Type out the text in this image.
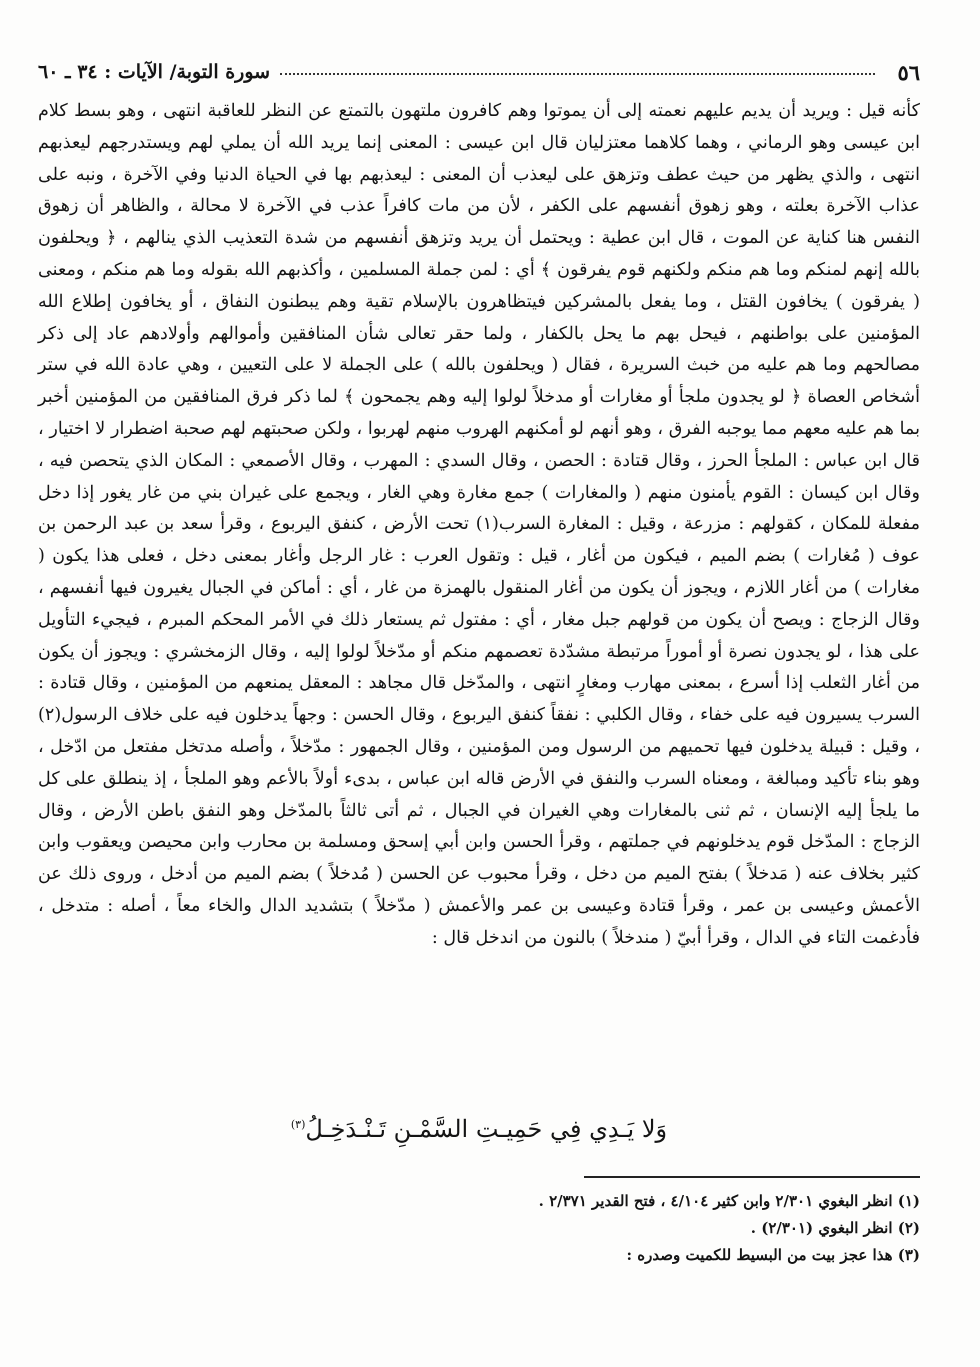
٥٦
سورة التوبة/ الآيات : ٣٤ ـ ٦٠

كأنه قيل : ويريد أن يديم عليهم نعمته إلى أن يموتوا وهم كافرون ملتهون بالتمتع عن النظر للعاقبة انتهى ، وهو بسط كلام ابن عيسى وهو الرماني ، وهما كلاهما معتزليان قال ابن عيسى : المعنى إنما يريد الله أن يملي لهم ويستدرجهم ليعذبهم انتهى ، والذي يظهر من حيث عطف وتزهق على ليعذب أن المعنى : ليعذبهم بها في الحياة الدنيا وفي الآخرة ، ونبه على عذاب الآخرة بعلته ، وهو زهوق أنفسهم على الكفر ، لأن من مات كافراً عذب في الآخرة لا محالة ، والظاهر أن زهوق النفس هنا كناية عن الموت ، قال ابن عطية : ويحتمل أن يريد وتزهق أنفسهم من شدة التعذيب الذي ينالهم ، ﴿ ويحلفون بالله إنهم لمنكم وما هم منكم ولكنهم قوم يفرقون ﴾ أي : لمن جملة المسلمين ، وأكذبهم الله بقوله وما هم منكم ، ومعنى ( يفرقون ) يخافون القتل ، وما يفعل بالمشركين فيتظاهرون بالإسلام تقية وهم يبطنون النفاق ، أو يخافون إطلاع الله المؤمنين على بواطنهم ، فيحل بهم ما يحل بالكفار ، ولما حقر تعالى شأن المنافقين وأموالهم وأولادهم عاد إلى ذكر مصالحهم وما هم عليه من خبث السريرة ، فقال ( ويحلفون بالله ) على الجملة لا على التعيين ، وهي عادة الله في ستر أشخاص العصاة ﴿ لو يجدون ملجأ أو مغارات أو مدخلاً لولوا إليه وهم يجمحون ﴾ لما ذكر فرق المنافقين من المؤمنين أخبر بما هم عليه معهم مما يوجبه الفرق ، وهو أنهم لو أمكنهم الهروب منهم لهربوا ، ولكن صحبتهم لهم صحبة اضطرار لا اختيار ، قال ابن عباس : الملجأ الحرز ، وقال قتادة : الحصن ، وقال السدي : المهرب ، وقال الأصمعي : المكان الذي يتحصن فيه ، وقال ابن كيسان : القوم يأمنون منهم ( والمغارات ) جمع مغارة وهي الغار ، ويجمع على غيران بني من غار يغور إذا دخل مفعلة للمكان ، كقولهم : مزرعة ، وقيل : المغارة السرب(١) تحت الأرض ، كنفق اليربوع ، وقرأ سعد بن عبد الرحمن بن عوف ( مُغارات ) بضم الميم ، فيكون من أغار ، قيل : وتقول العرب : غار الرجل وأغار بمعنى دخل ، فعلى هذا يكون ( مغارات ) من أغار اللازم ، ويجوز أن يكون من أغار المنقول بالهمزة من غار ، أي : أماكن في الجبال يغيرون فيها أنفسهم ، وقال الزجاج : ويصح أن يكون من قولهم جبل مغار ، أي : مفتول ثم يستعار ذلك في الأمر المحكم المبرم ، فيجيء التأويل على هذا ، لو يجدون نصرة أو أموراً مرتبطة مشدّدة تعصمهم منكم أو مدّخلاً لولوا إليه ، وقال الزمخشري : ويجوز أن يكون من أغار الثعلب إذا أسرع ، بمعنى مهارب ومغارٍ انتهى ، والمدّخل قال مجاهد : المعقل يمنعهم من المؤمنين ، وقال قتادة : السرب يسيرون فيه على خفاء ، وقال الكلبي : نفقاً كنفق اليربوع ، وقال الحسن : وجهاً يدخلون فيه على خلاف الرسول(٢) ، وقيل : قبيلة يدخلون فيها تحميهم من الرسول ومن المؤمنين ، وقال الجمهور : مدّخلاً ، وأصله مدتخل مفتعل من ادّخل ، وهو بناء تأكيد ومبالغة ، ومعناه السرب والنفق في الأرض قاله ابن عباس ، بدىء أولاً بالأعم وهو الملجأ ، إذ ينطلق على كل ما يلجأ إليه الإنسان ، ثم ثنى بالمغارات وهي الغيران في الجبال ، ثم أتى ثالثاً بالمدّخل وهو النفق باطن الأرض ، وقال الزجاج : المدّخل قوم يدخلونهم في جملتهم ، وقرأ الحسن وابن أبي إسحق ومسلمة بن محارب وابن محيصن ويعقوب وابن كثير بخلاف عنه ( مَدخلاً ) بفتح الميم من دخل ، وقرأ محبوب عن الحسن ( مُدخلاً ) بضم الميم من أدخل ، وروى ذلك عن الأعمش وعيسى بن عمر ، وقرأ قتادة وعيسى بن عمر والأعمش ( مدّخلاً ) بتشديد الدال والخاء معاً ، أصله : متدخل ، فأدغمت التاء في الدال ، وقرأ أبيّ ( مندخلاً ) بالنون من اندخل قال :

وَلا يَـدِي فِي حَمِيـتِ السَّمْـنِ تَـنْـدَخِـلُ$^{(٣)}$
(١) انظر البغوي ٢/٣٠١ وابن كثير ٤/١٠٤ ، فتح القدير ٢/٣٧١ .
(٢) انظر البغوي (٢/٣٠١) .
(٣) هذا عجز بيت من البسيط للكميت وصدره :
